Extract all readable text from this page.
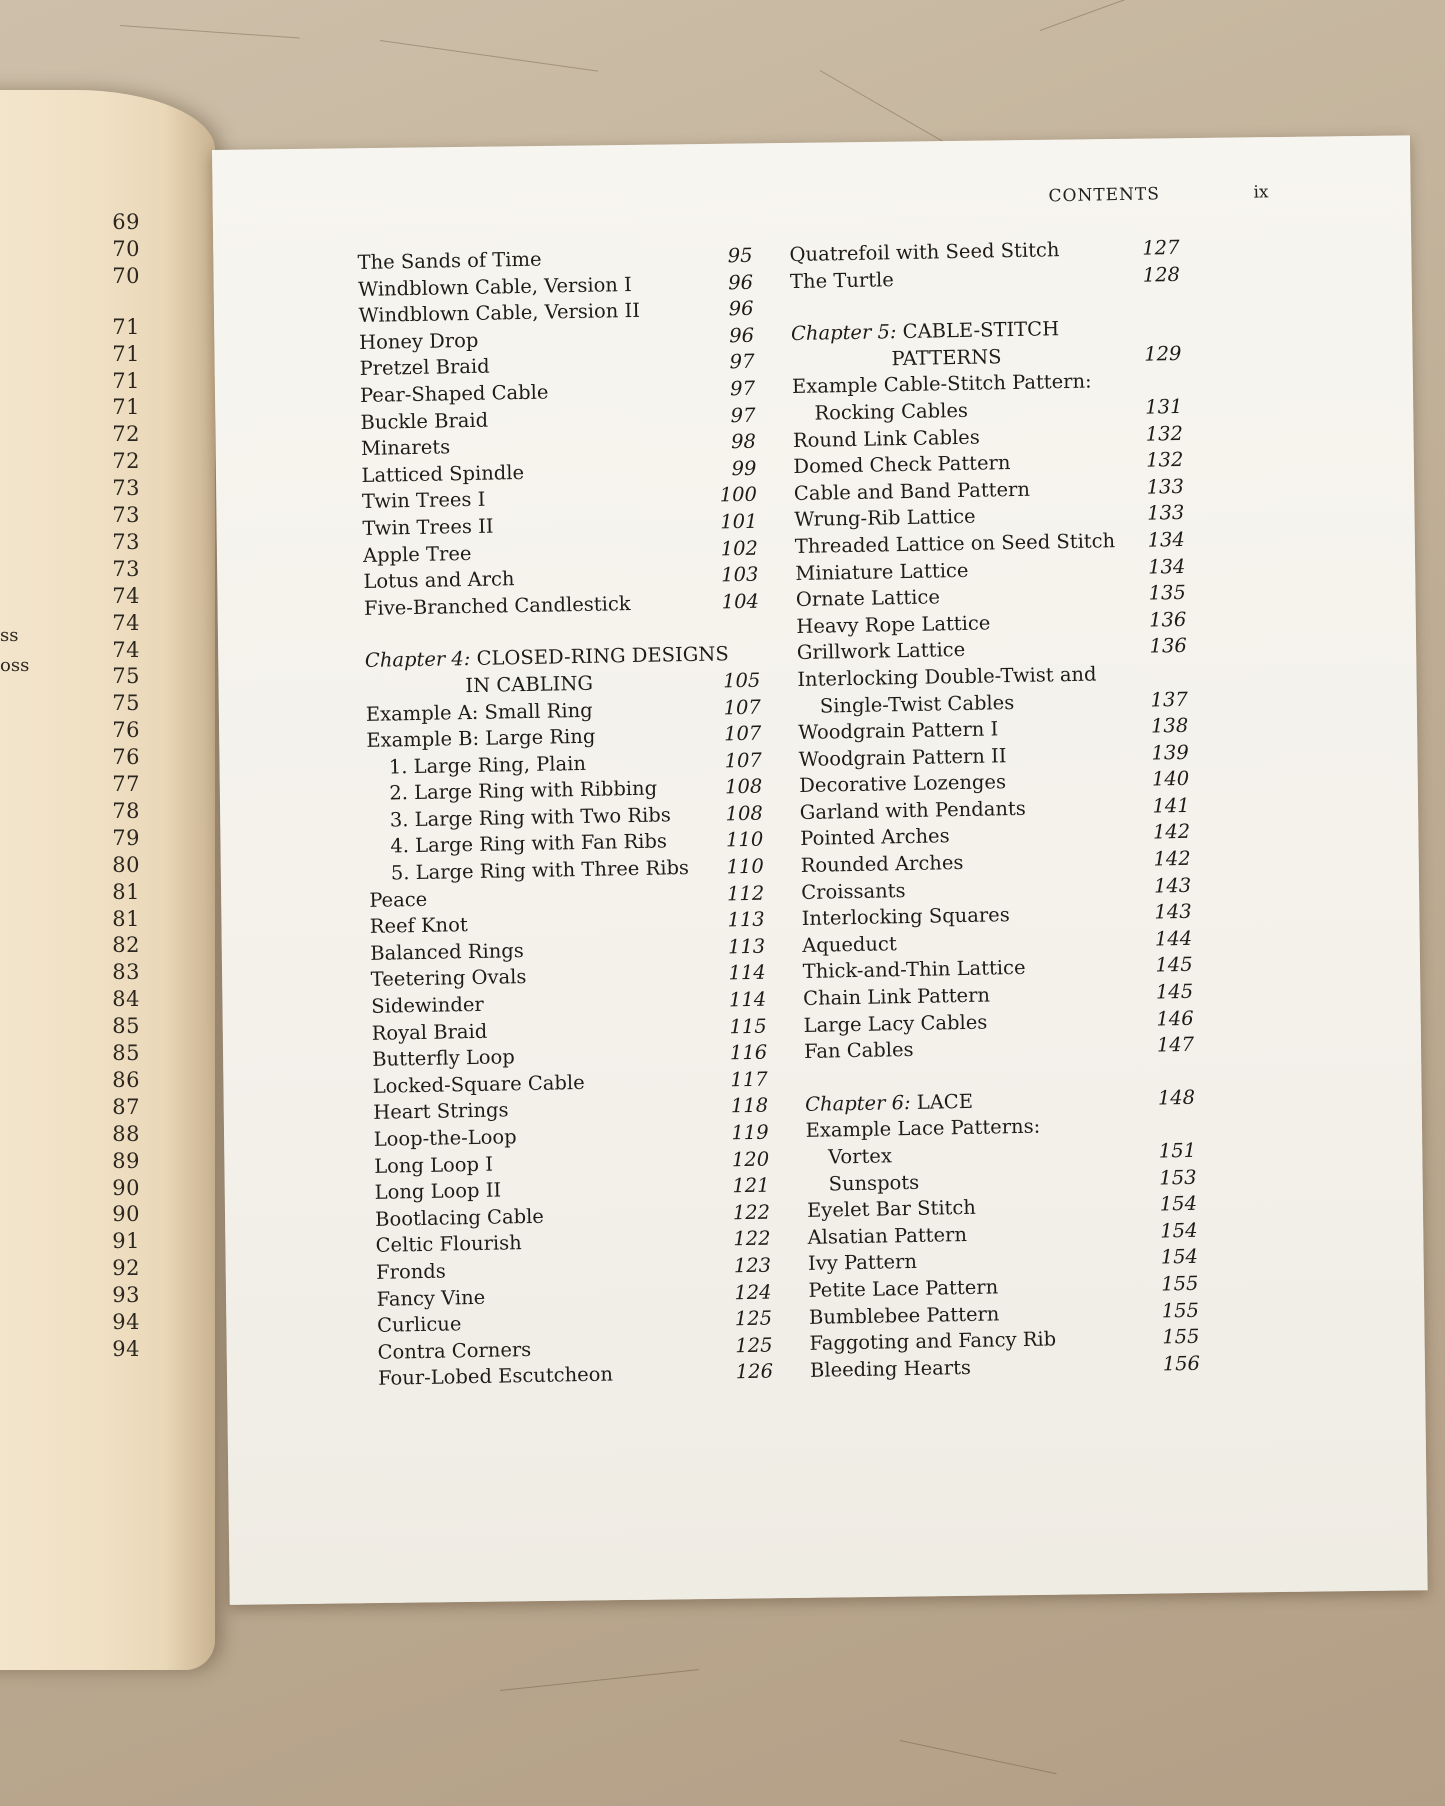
69
70
70
71
71
71
71
72
72
73
73
73
73
74
74
74
75
75
76
76
77
78
79
80
81
81
82
83
84
85
85
86
87
88
89
90
90
91
92
93
94
94
ss
oss
CONTENTS	ix
The Sands of Time	95
Windblown Cable, Version I	96
Windblown Cable, Version II	96
Honey Drop	96
Pretzel Braid	97
Pear-Shaped Cable	97
Buckle Braid	97
Minarets	98
Latticed Spindle	99
Twin Trees I	100
Twin Trees II	101
Apple Tree	102
Lotus and Arch	103
Five-Branched Candlestick	104
Chapter 4: CLOSED-RING DESIGNS
IN CABLING	105
Example A: Small Ring	107
Example B: Large Ring	107
1. Large Ring, Plain	107
2. Large Ring with Ribbing	108
3. Large Ring with Two Ribs	108
4. Large Ring with Fan Ribs	110
5. Large Ring with Three Ribs 110
Peace	112
Reef Knot	113
Balanced Rings	113
Teetering Ovals	114
Sidewinder	114
Royal Braid	115
Butterfly Loop	116
Locked-Square Cable	117
Heart Strings	118
Loop-the-Loop	119
Long Loop I	120
Long Loop II	121
Bootlacing Cable	122
Celtic Flourish	122
Fronds	123
Fancy Vine	124
Curlicue	125
Contra Corners	125
Four-Lobed Escutcheon	126
Quatrefoil with Seed Stitch	127
The Turtle	128
Chapter 5: CABLE-STITCH
PATTERNS	129
Example Cable-Stitch Pattern:
Rocking Cables	131
Round Link Cables	132
Domed Check Pattern	132
Cable and Band Pattern	133
Wrung-Rib Lattice	133
Threaded Lattice on Seed Stitch 134
Miniature Lattice	134
Ornate Lattice	135
Heavy Rope Lattice	136
Grillwork Lattice	136
Interlocking Double-Twist and
Single-Twist Cables	137
Woodgrain Pattern I	138
Woodgrain Pattern II	139
Decorative Lozenges	140
Garland with Pendants	141
Pointed Arches	142
Rounded Arches	142
Croissants	143
Interlocking Squares	143
Aqueduct	144
Thick-and-Thin Lattice	145
Chain Link Pattern	145
Large Lacy Cables	146
Fan Cables	147
Chapter 6: LACE	148
Example Lace Patterns:
Vortex	151
Sunspots	153
Eyelet Bar Stitch	154
Alsatian Pattern	154
Ivy Pattern	154
Petite Lace Pattern	155
Bumblebee Pattern	155
Faggoting and Fancy Rib	155
Bleeding Hearts	156
